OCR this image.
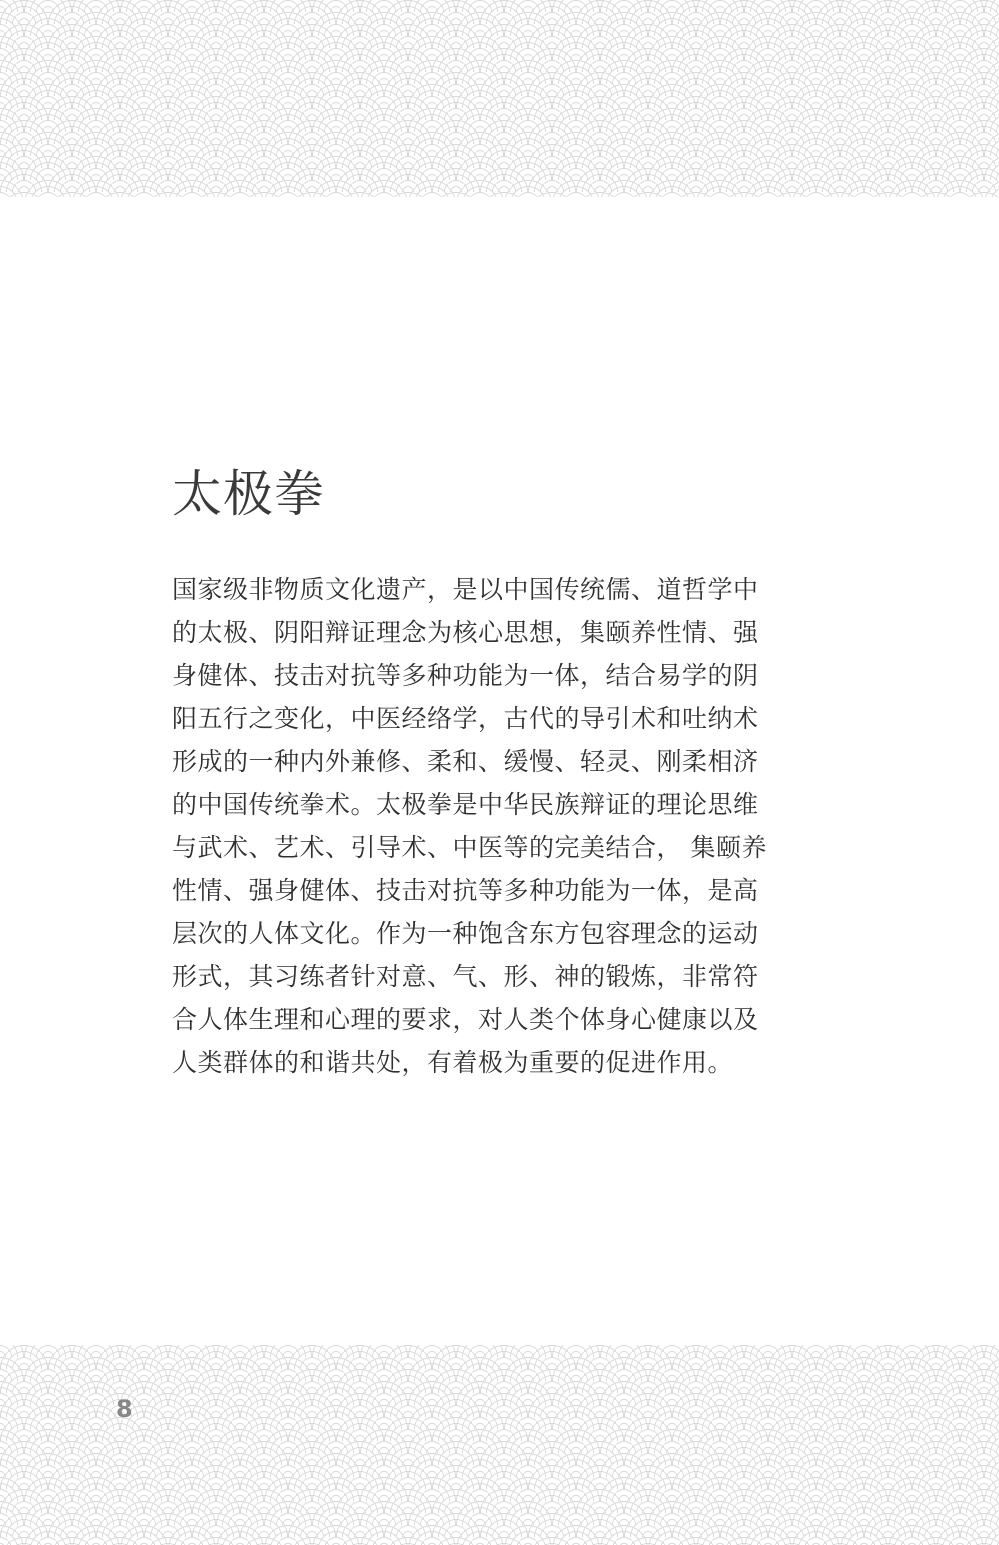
太极拳

国家级非物质文化遗产，是以中国传统儒、道哲学中的太极、阴阳辩证理念为核心思想，集颐养性情、强身健体、技击对抗等多种功能为一体，结合易学的阴阳五行之变化，中医经络学，古代的导引术和吐纳术形成的一种内外兼修、柔和、缓慢、轻灵、刚柔相济的中国传统拳术。太极拳是中华民族辩证的理论思维与武术、艺术、引导术、中医等的完美结合， 集颐养性情、强身健体、技击对抗等多种功能为一体，是高层次的人体文化。作为一种饱含东方包容理念的运动形式，其习练者针对意、气、形、神的锻炼，非常符合人体生理和心理的要求，对人类个体身心健康以及人类群体的和谐共处，有着极为重要的促进作用。

8
